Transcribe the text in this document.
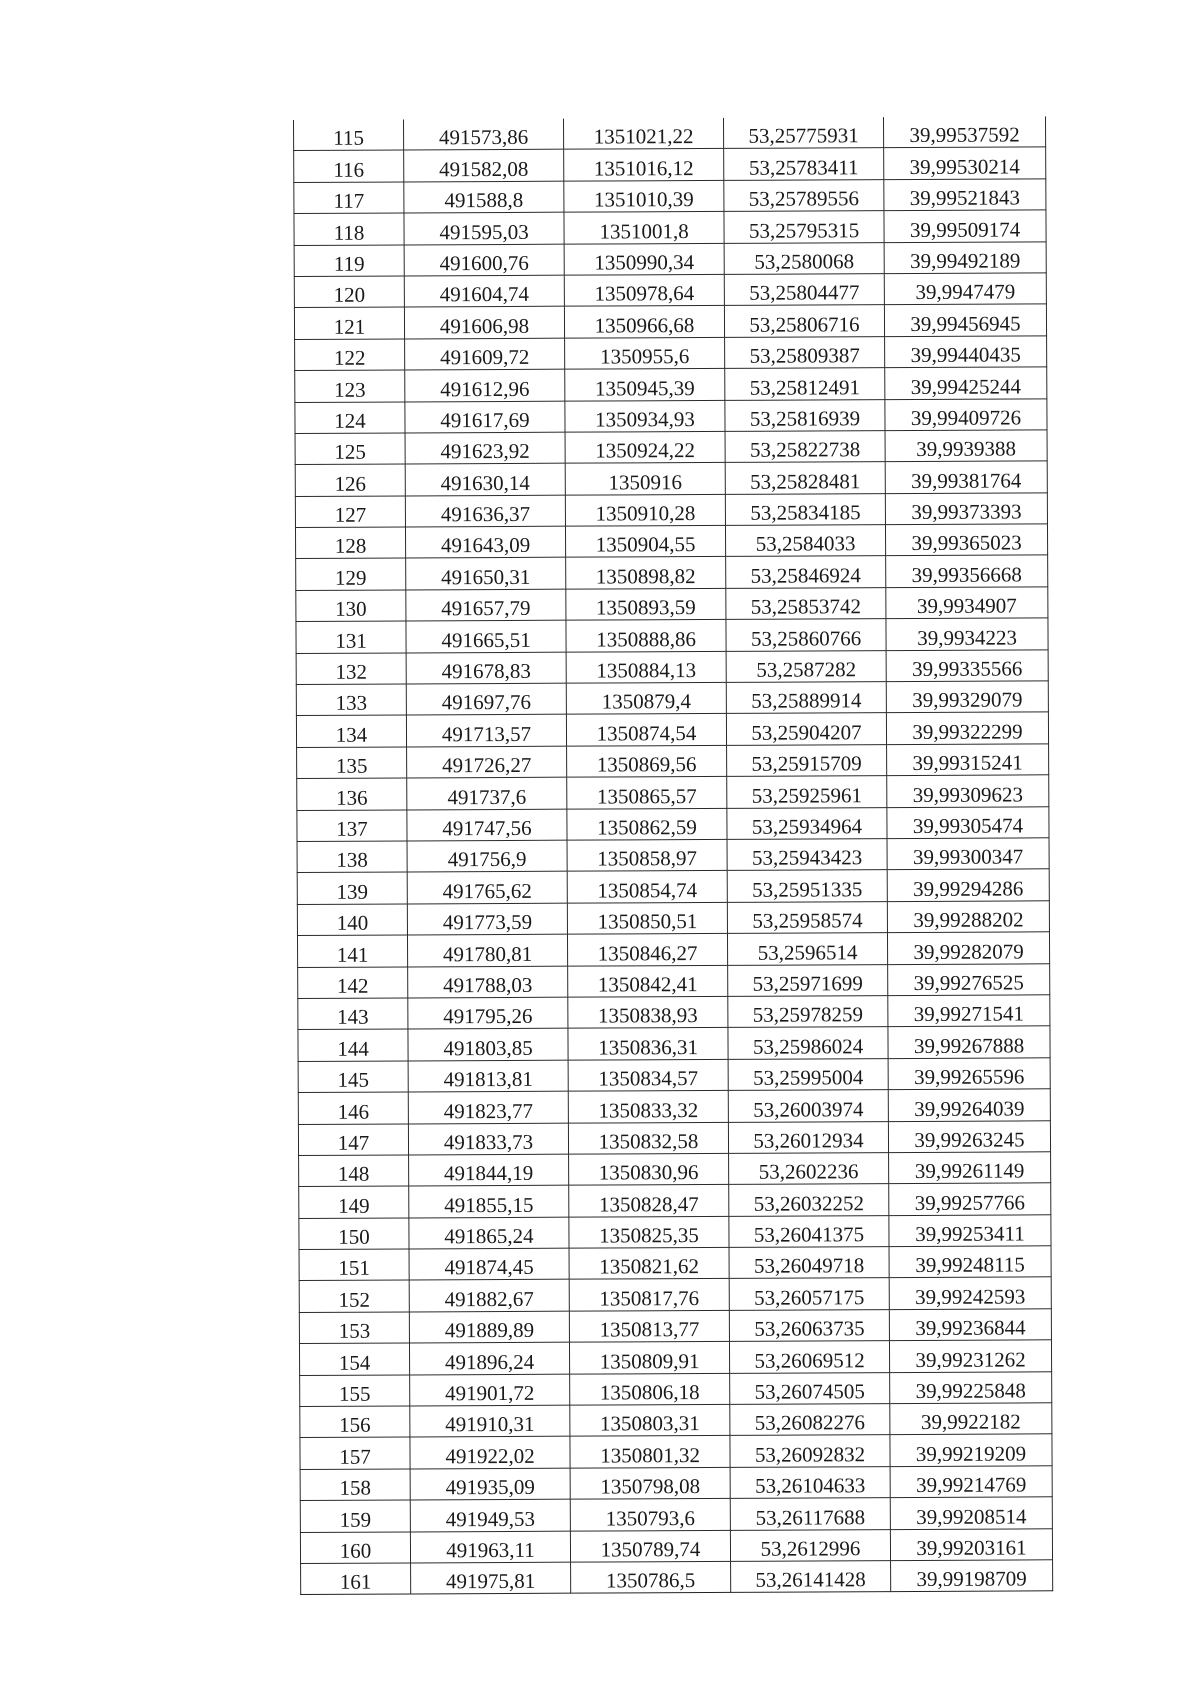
115	491573,86	1351021,22	53,25775931	39,99537592
116	491582,08	1351016,12	53,25783411	39,99530214
117	491588,8	1351010,39	53,25789556	39,99521843
118	491595,03	1351001,8	53,25795315	39,99509174
119	491600,76	1350990,34	53,2580068	39,99492189
120	491604,74	1350978,64	53,25804477	39,9947479
121	491606,98	1350966,68	53,25806716	39,99456945
122	491609,72	1350955,6	53,25809387	39,99440435
123	491612,96	1350945,39	53,25812491	39,99425244
124	491617,69	1350934,93	53,25816939	39,99409726
125	491623,92	1350924,22	53,25822738	39,9939388
126	491630,14	1350916	53,25828481	39,99381764
127	491636,37	1350910,28	53,25834185	39,99373393
128	491643,09	1350904,55	53,2584033	39,99365023
129	491650,31	1350898,82	53,25846924	39,99356668
130	491657,79	1350893,59	53,25853742	39,9934907
131	491665,51	1350888,86	53,25860766	39,9934223
132	491678,83	1350884,13	53,2587282	39,99335566
133	491697,76	1350879,4	53,25889914	39,99329079
134	491713,57	1350874,54	53,25904207	39,99322299
135	491726,27	1350869,56	53,25915709	39,99315241
136	491737,6	1350865,57	53,25925961	39,99309623
137	491747,56	1350862,59	53,25934964	39,99305474
138	491756,9	1350858,97	53,25943423	39,99300347
139	491765,62	1350854,74	53,25951335	39,99294286
140	491773,59	1350850,51	53,25958574	39,99288202
141	491780,81	1350846,27	53,2596514	39,99282079
142	491788,03	1350842,41	53,25971699	39,99276525
143	491795,26	1350838,93	53,25978259	39,99271541
144	491803,85	1350836,31	53,25986024	39,99267888
145	491813,81	1350834,57	53,25995004	39,99265596
146	491823,77	1350833,32	53,26003974	39,99264039
147	491833,73	1350832,58	53,26012934	39,99263245
148	491844,19	1350830,96	53,2602236	39,99261149
149	491855,15	1350828,47	53,26032252	39,99257766
150	491865,24	1350825,35	53,26041375	39,99253411
151	491874,45	1350821,62	53,26049718	39,99248115
152	491882,67	1350817,76	53,26057175	39,99242593
153	491889,89	1350813,77	53,26063735	39,99236844
154	491896,24	1350809,91	53,26069512	39,99231262
155	491901,72	1350806,18	53,26074505	39,99225848
156	491910,31	1350803,31	53,26082276	39,9922182
157	491922,02	1350801,32	53,26092832	39,99219209
158	491935,09	1350798,08	53,26104633	39,99214769
159	491949,53	1350793,6	53,26117688	39,99208514
160	491963,11	1350789,74	53,2612996	39,99203161
161	491975,81	1350786,5	53,26141428	39,99198709
